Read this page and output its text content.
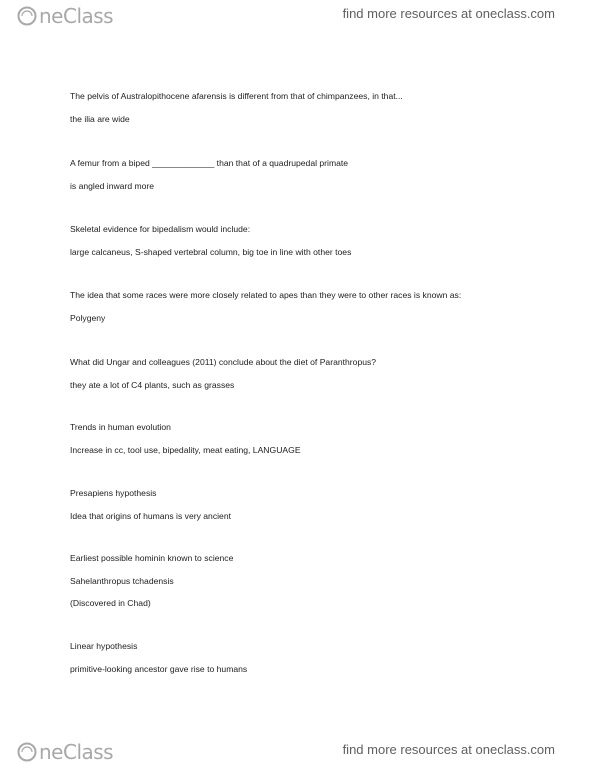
neClass	find more resources at oneclass.com
The pelvis of Australopithocene afarensis is different from that of chimpanzees, in that...
the ilia are wide
A femur from a biped _____________ than that of a quadrupedal primate
is angled inward more
Skeletal evidence for bipedalism would include:
large calcaneus, S-shaped vertebral column, big toe in line with other toes
The idea that some races were more closely related to apes than they were to other races is known as:
Polygeny
What did Ungar and colleagues (2011) conclude about the diet of Paranthropus?
they ate a lot of C4 plants, such as grasses
Trends in human evolution
Increase in cc, tool use, bipedality, meat eating, LANGUAGE
Presapiens hypothesis
Idea that origins of humans is very ancient
Earliest possible hominin known to science
Sahelanthropus tchadensis
(Discovered in Chad)
Linear hypothesis
primitive-looking ancestor gave rise to humans
neClass	find more resources at oneclass.com
